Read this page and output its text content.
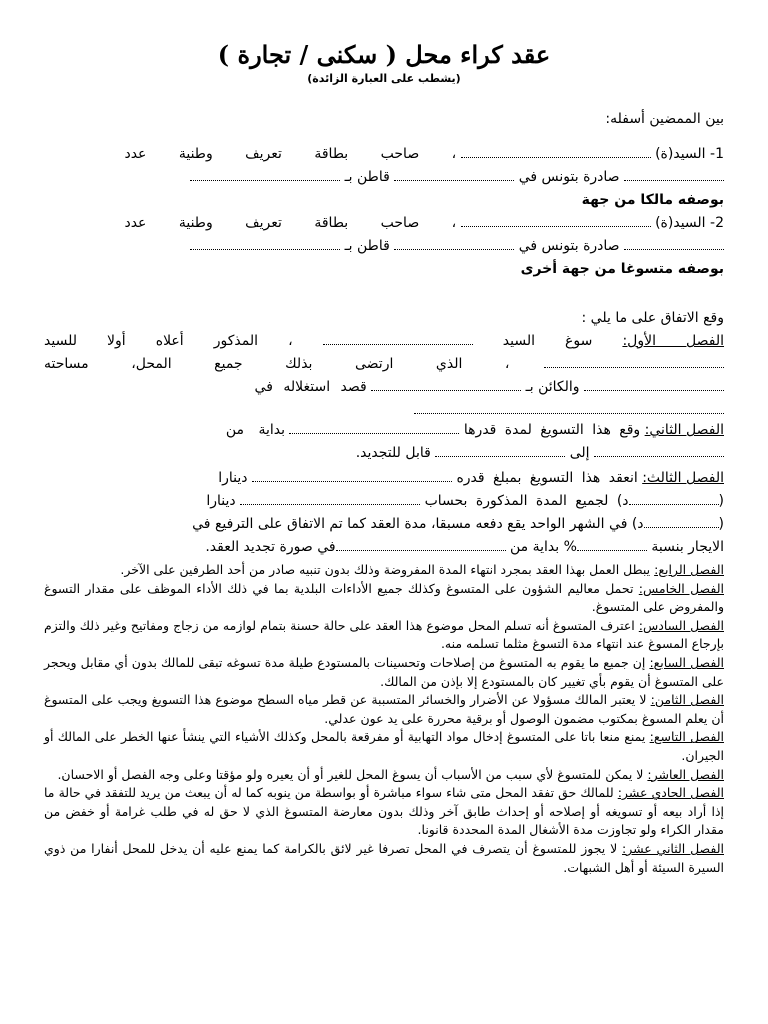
عقد كراء محل ( سكنى / تجارة )
(يشطب على العبارة الزائدة)

بين الممضين أسفله:

1- السيد(ة)  ، صاحب بطاقة تعريف وطنية عدد
صادرة بتونس في  قاطن بـ

بوصفه مالكا من جهة

2- السيد(ة)  ، صاحب بطاقة تعريف وطنية عدد
صادرة بتونس في  قاطن بـ

بوصفه متسوغا من جهة أخرى

وقع الاتفاق على ما يلي :

الفصل الأول: سوغ السيد  ، المذكور أعلاه أولا للسيد
، الذي ارتضى بذلك جميع المحل، مساحته
والكائن بـ  قصد استغلاله في
الفصل الثاني: وقع هذا التسويغ لمدة قدرها  بداية من
إلى  قابل للتجديد.
الفصل الثالث: انعقد هذا التسويغ بمبلغ قدره  دينارا
(د) لجميع المدة المذكورة بحساب  دينارا
(د) في الشهر الواحد يقع دفعه مسبقا، مدة العقد كما تم الاتفاق على الترفيع في
الايجار بنسبة % بداية من في صورة تجديد العقد.

الفصل الرابع: يبطل العمل بهذا العقد بمجرد انتهاء المدة المفروضة وذلك بدون تنبيه صادر من أحد الطرفين على الآخر.

الفصل الخامس: تحمل معاليم الشؤون على المتسوغ وكذلك جميع الأداءات البلدية بما في ذلك الأداء الموظف على مقدار التسوغ والمفروض على المتسوغ.

الفصل السادس: اعترف المتسوغ أنه تسلم المحل موضوع هذا العقد على حالة حسنة بتمام لوازمه من زجاج ومفاتيح وغير ذلك والتزم بإرجاع المسوغ عند انتهاء مدة التسوغ مثلما تسلمه منه.

الفصل السابع: إن جميع ما يقوم به المتسوغ من إصلاحات وتحسينات بالمستودع طيلة مدة تسوغه تبقى للمالك بدون أي مقابل ويحجر على المتسوغ أن يقوم بأي تغيير كان بالمستودع إلا بإذن من المالك.

الفصل الثامن: لا يعتبر المالك مسؤولا عن الأضرار والخسائر المتسببة عن قطر مياه السطح موضوع هذا التسويغ ويجب على المتسوغ أن يعلم المسوغ بمكتوب مضمون الوصول أو برقية محررة على يد عون عدلي.

الفصل التاسع: يمنع منعا باتا على المتسوغ إدخال مواد التهابية أو مفرقعة بالمحل وكذلك الأشياء التي ينشأ عنها الخطر على المالك أو الجيران.

الفصل العاشر: لا يمكن للمتسوغ لأي سبب من الأسباب أن يسوغ المحل للغير أو أن يعيره ولو مؤقتا وعلى وجه الفصل أو الاحسان.

الفصل الحادي عشر: للمالك حق تفقد المحل متى شاء سواء مباشرة أو بواسطة من ينوبه كما له أن يبعث من يريد للتفقد في حالة ما إذا أراد بيعه أو تسويغه أو إصلاحه أو إحداث طابق آخر وذلك بدون معارضة المتسوغ الذي لا حق له في طلب غرامة أو خفض من مقدار الكراء ولو تجاوزت مدة الأشغال المدة المحددة قانونا.

الفصل الثاني عشر: لا يجوز للمتسوغ أن يتصرف في المحل تصرفا غير لائق بالكرامة كما يمنع عليه أن يدخل للمحل أنفارا من ذوي السيرة السيئة أو أهل الشبهات.
